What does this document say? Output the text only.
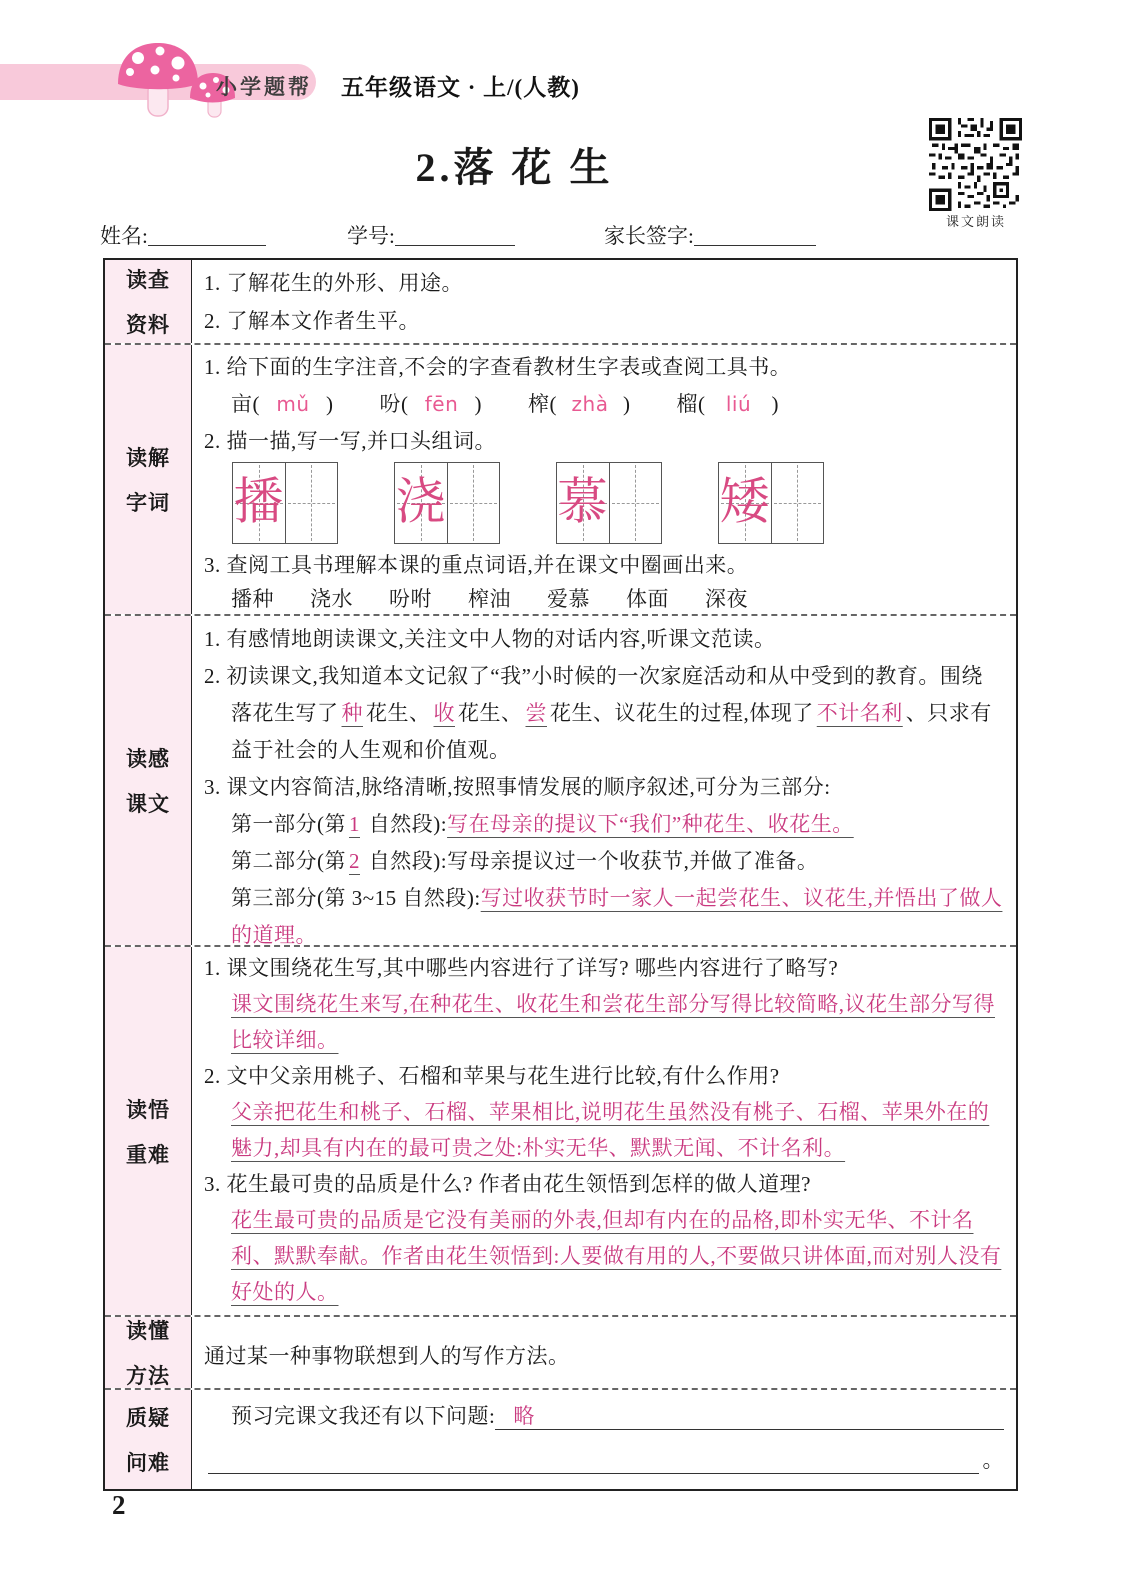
小学题帮 五年级语文 · 上/(人教)
2.落 花 生
课文朗读
姓名:	学号:	家长签字:
读查
资料
1. 了解花生的外形、用途。
2. 了解本文作者生平。
读解
字词
1. 给下面的生字注音,不会的字查看教材生字表或查阅工具书。
亩( mǔ ) 吩( fēn ) 榨( zhà ) 榴( liú )
2. 描一描,写一写,并口头组词。
播 浇 慕 矮
3. 查阅工具书理解本课的重点词语,并在课文中圈画出来。
播种 浇水 吩咐 榨油 爱慕 体面 深夜
读感
课文
1. 有感情地朗读课文,关注文中人物的对话内容,听课文范读。
2. 初读课文,我知道本文记叙了“我”小时候的一次家庭活动和从中受到的教育。围绕落花生写了 种 花生、 收 花生、 尝 花生、议花生的过程,体现了 不计名利 、只求有益于社会的人生观和价值观。
3. 课文内容简洁,脉络清晰,按照事情发展的顺序叙述,可分为三部分:
第一部分(第 1 自然段):写在母亲的提议下“我们”种花生、收花生。
第二部分(第 2 自然段):写母亲提议过一个收获节,并做了准备。
第三部分(第 3~15 自然段):写过收获节时一家人一起尝花生、议花生,并悟出了做人的道理。
读悟
重难
1. 课文围绕花生写,其中哪些内容进行了详写? 哪些内容进行了略写?
课文围绕花生来写,在种花生、收花生和尝花生部分写得比较简略,议花生部分写得比较详细。
2. 文中父亲用桃子、石榴和苹果与花生进行比较,有什么作用?
父亲把花生和桃子、石榴、苹果相比,说明花生虽然没有桃子、石榴、苹果外在的魅力,却具有内在的最可贵之处:朴实无华、默默无闻、不计名利。
3. 花生最可贵的品质是什么? 作者由花生领悟到怎样的做人道理?
花生最可贵的品质是它没有美丽的外表,但却有内在的品格,即朴实无华、不计名利、默默奉献。作者由花生领悟到:人要做有用的人,不要做只讲体面,而对别人没有好处的人。
读懂
方法
通过某一种事物联想到人的写作方法。
质疑
问难
预习完课文我还有以下问题: 略
。
2
